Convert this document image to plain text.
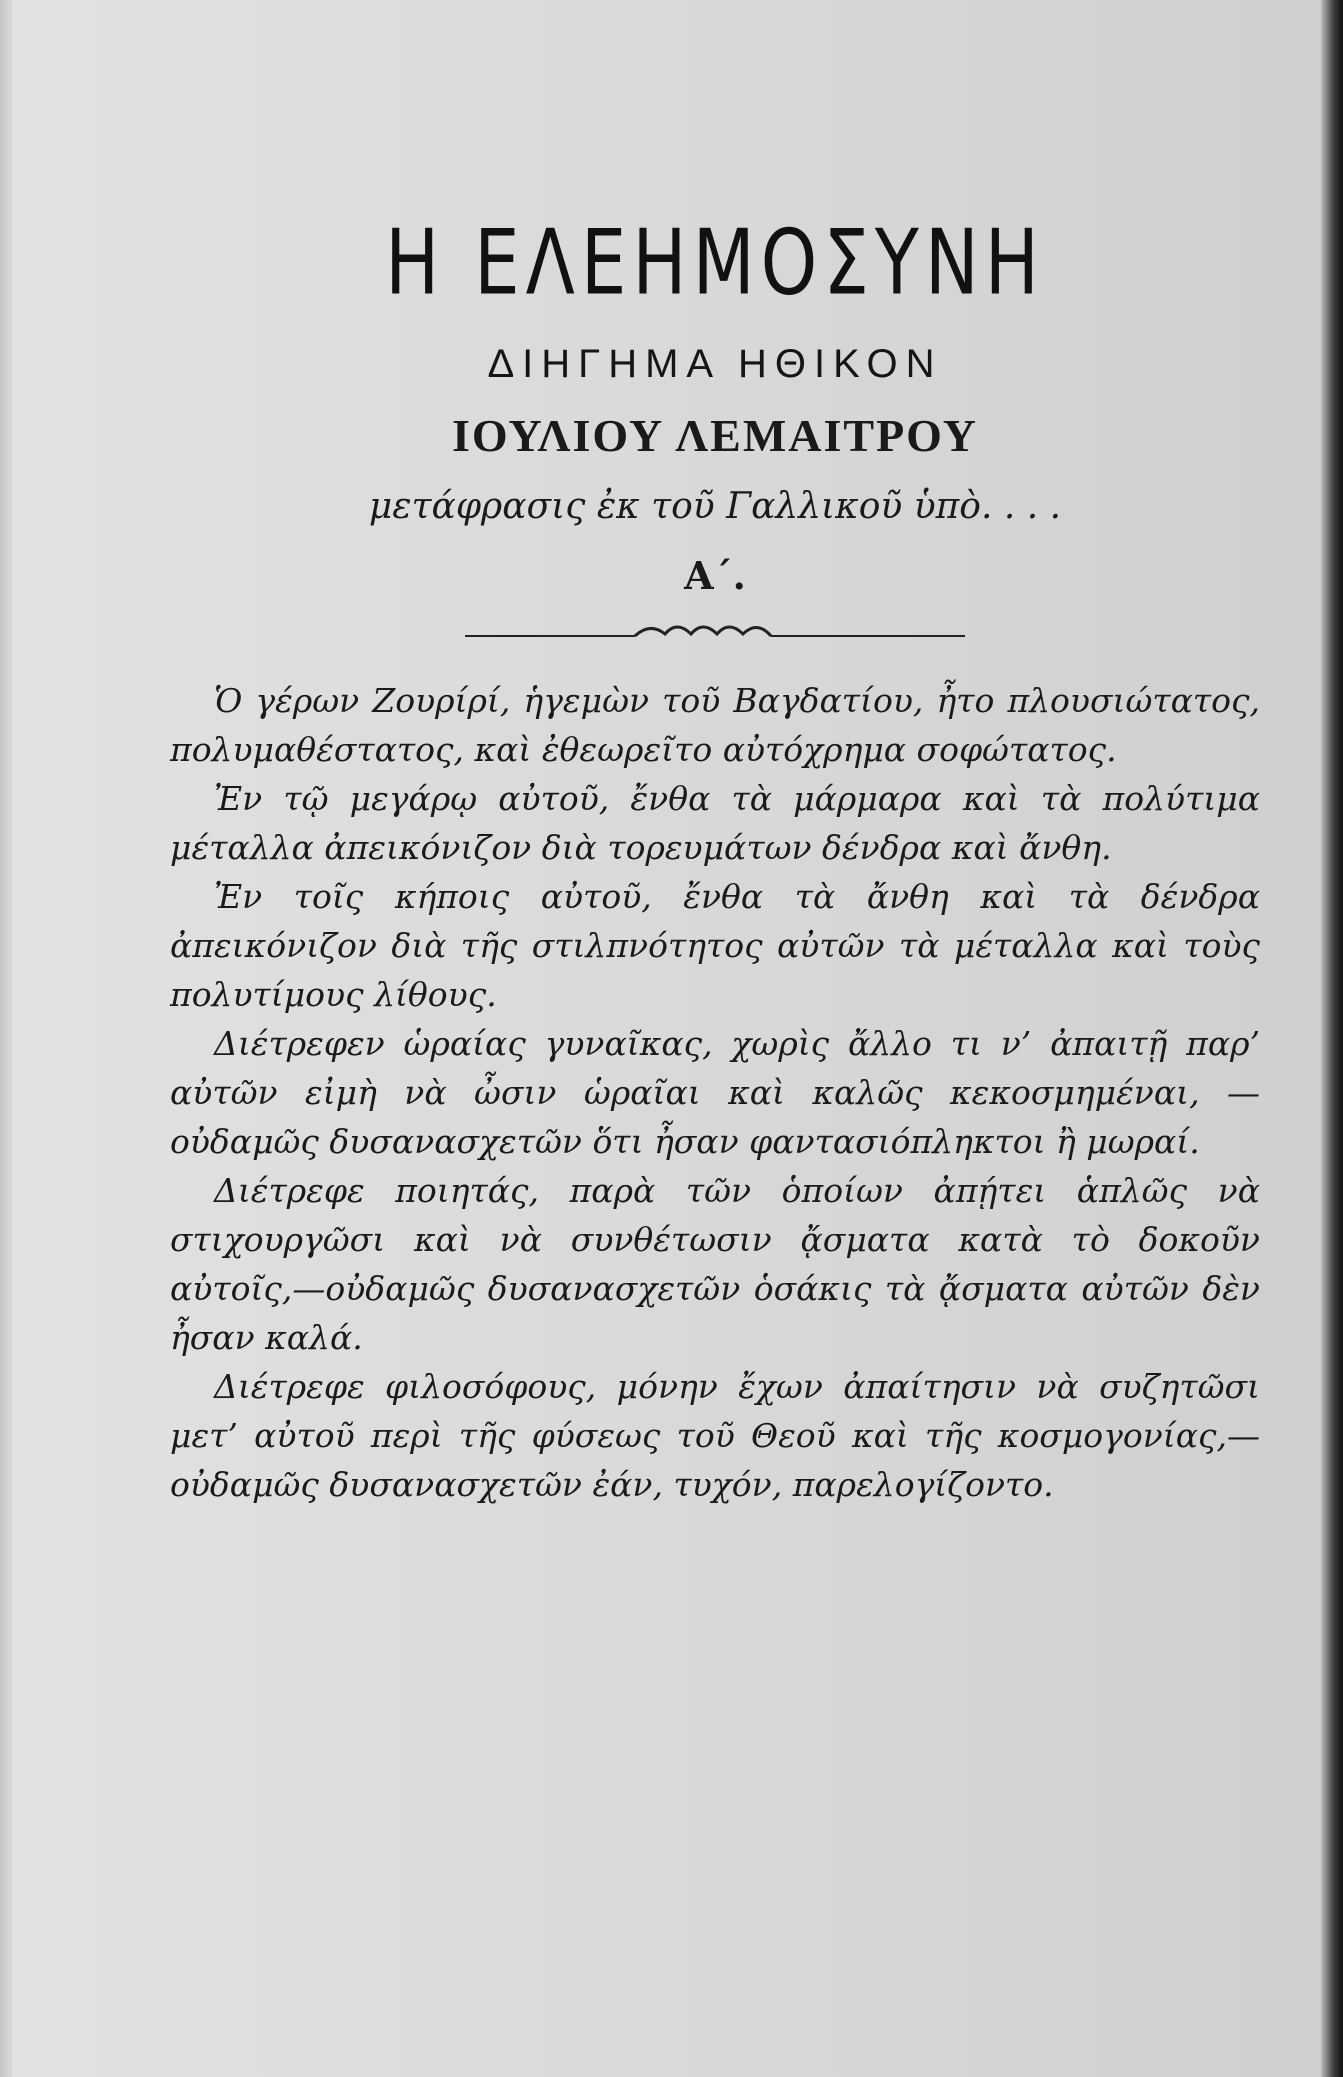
Η ΕΛΕΗΜΟΣΥΝΗ
ΔΙΗΓΗΜΑ ΗΘΙΚΟΝ
ΙΟΥΛΙΟΥ ΛΕΜΑΙΤΡΟΥ
μετάφρασις ἐκ τοῦ Γαλλικοῦ ὑπὸ. . . .
Α΄.

Ὁ γέρων Ζουρίρί, ἡγεμὼν τοῦ Βαγδατίου, ἦτο πλουσιώτατος, πολυμαθέστατος, καὶ ἐθεωρεῖτο αὐτόχρημα σοφώτατος.

Ἐν τῷ μεγάρῳ αὐτοῦ, ἔνθα τὰ μάρμαρα καὶ τὰ πολύτιμα μέταλλα ἀπεικόνιζον διὰ τορευμάτων δένδρα καὶ ἄνθη.

Ἐν τοῖς κήποις αὐτοῦ, ἔνθα τὰ ἄνθη καὶ τὰ δένδρα ἀπεικόνιζον διὰ τῆς στιλπνότητος αὐτῶν τὰ μέταλλα καὶ τοὺς πολυτίμους λίθους.

Διέτρεφεν ὡραίας γυναῖκας, χωρὶς ἄλλο τι ν’ ἀπαιτῇ παρ’ αὐτῶν εἰμὴ νὰ ὦσιν ὡραῖαι καὶ καλῶς κεκοσμημέναι, —οὐδαμῶς δυσανασχετῶν ὅτι ἦσαν φαντασιόπληκτοι ἢ μωραί.

Διέτρεφε ποιητάς, παρὰ τῶν ὁποίων ἀπῄτει ἁπλῶς νὰ στιχουργῶσι καὶ νὰ συνθέτωσιν ᾄσματα κατὰ τὸ δοκοῦν αὐτοῖς,—οὐδαμῶς δυσανασχετῶν ὁσάκις τὰ ᾄσματα αὐτῶν δὲν ἦσαν καλά.

Διέτρεφε φιλοσόφους, μόνην ἔχων ἀπαίτησιν νὰ συζητῶσι μετ’ αὐτοῦ περὶ τῆς φύσεως τοῦ Θεοῦ καὶ τῆς κοσμογονίας,—οὐδαμῶς δυσανασχετῶν ἐάν, τυχόν, παρελογίζοντο.
